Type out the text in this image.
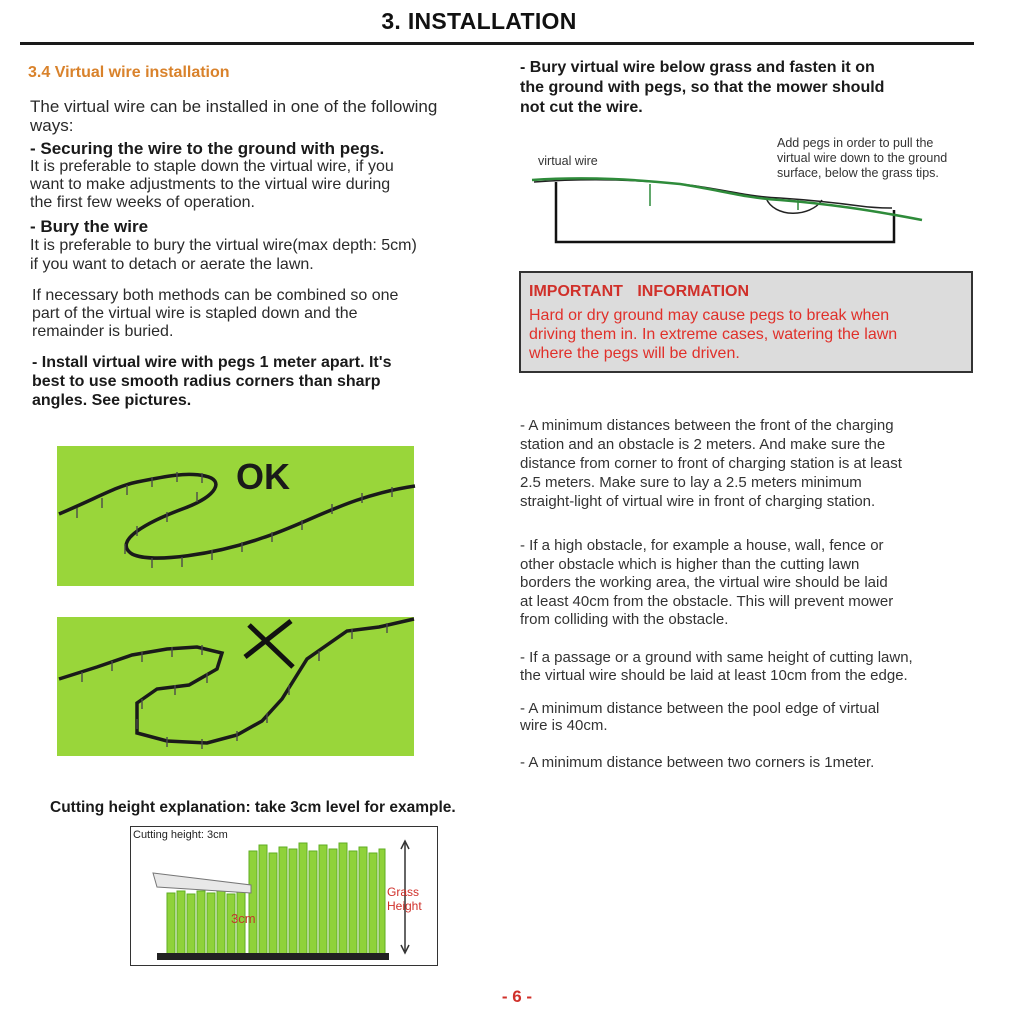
3. INSTALLATION
3.4 Virtual wire installation
The virtual wire can be installed in one of the following
ways:
- Securing the wire to the ground with pegs.
It is preferable to staple down the virtual wire, if you
want to make adjustments to the virtual wire during
the first few weeks of operation.
- Bury the wire
It is preferable to bury the virtual wire(max depth: 5cm)
if you want to detach or aerate the lawn.
If necessary both methods can be combined so one
part of the virtual wire is stapled down and the
remainder is buried.
- Install virtual wire with pegs 1 meter apart. It's
best to use smooth radius corners than sharp
angles. See pictures.
OK
Cutting height explanation: take 3cm level for example.
Cutting height: 3cm
Grass
Height
3cm
- Bury virtual wire below grass and fasten it on
the ground with pegs, so that the mower should
not cut the wire.
virtual wire
Add pegs in order to pull the
virtual wire down to the ground
surface, below the grass tips.
IMPORTANT INFORMATION
Hard or dry ground may cause pegs to break when
driving them in. In extreme cases, watering the lawn
where the pegs will be driven.
- A minimum distances between the front of the charging
station and an obstacle is 2 meters. And make sure the
distance from corner to front of charging station is at least
2.5 meters. Make sure to lay a 2.5 meters minimum
straight-light of virtual wire in front of charging station.
- If a high obstacle, for example a house, wall, fence or
other obstacle which is higher than the cutting lawn
borders the working area, the virtual wire should be laid
at least 40cm from the obstacle. This will prevent mower
from colliding with the obstacle.
- If a passage or a ground with same height of cutting lawn,
the virtual wire should be laid at least 10cm from the edge.
- A minimum distance between the pool edge of virtual
wire is 40cm.
- A minimum distance between two corners is 1meter.
- 6 -
